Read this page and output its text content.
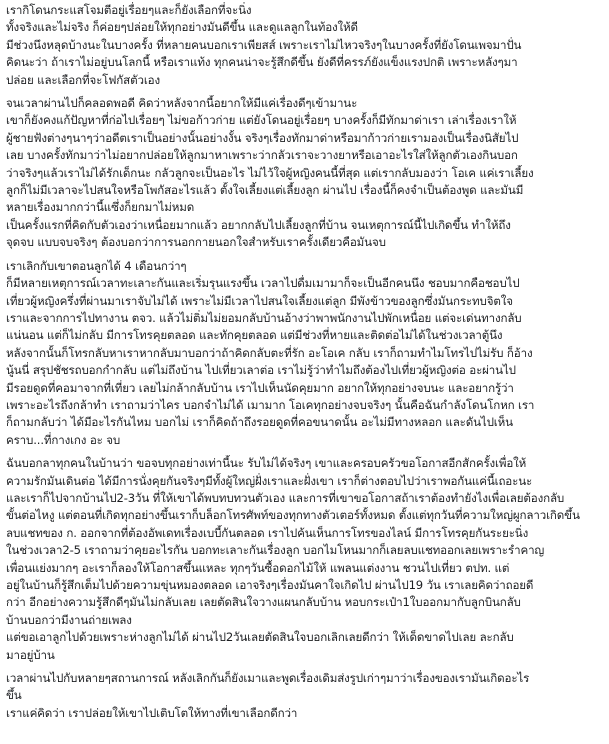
เรากิโดนกระแสโจมตีอยู่เรื่อยๆและก็ยังเลือกที่จะนิ่ง
ทั้งจริงและไม่จริง ก็ค่อยๆปล่อยให้ทุกอย่างมันดีขึ้น และดูแลลูกในท้องให้ดี
มีช่วงนึงหลุดบ้างนะในบางครั้ง ที่หลายคนบอกเราเพียสส์ เพราะเราไม่ไหวจริงๆในบางครั้งที่ยังโดนเพจมาปั่น
คิดนะว่า ถ้าเราไม่อยู่บนโลกนี้ หรือเราแท้ง ทุกคนน่าจะรู้สึกดีขึ้น ยังดีที่ครรภ์ยังแข็งแรงปกติ เพราะหลังๆมา
ปล่อย และเลือกที่จะโฟกัสตัวเอง
จนเวลาผ่านไปก็คลอดพอดี คิดว่าหลังจากนี้อยากให้มีแค่เรื่องดีๆเข้ามานะ
เขาก็ยังคงแก้ปัญหาที่ก่อไปเรื่อยๆ ไม่ขอก้าวก่าย แต่ยังโดนอยู่เรื่อยๆ บางครั้งก็มีทักมาด่าเรา เล่าเรื่องเราให้
ผู้ชายฟังต่างๆนาๆว่าอดีตเราเป็นอย่างนั้นอย่างงั้น จริงๆเรื่องทักมาด่าหรือมาก้าวก่ายเรามองเป็นเรื่องนิสัยไป
เลย บางครั้งทักมาว่าไม่อยากปล่อยให้ลูกมาหาเพราะว่ากลัวเราจะวางยาหรือเอาอะไรใส่ให้ลูกตัวเองกินบอก
ว่าจริงๆแล้วเราไม่ได้รักเด็กนะ กลัวลูกจะเป็นอะไร ไม่ไว้ใจผู้หญิงคนนี้ที่สุด แต่เรากลับมองว่า โอเค แค่เราเลี้ยง
ลูกก็ไม่มีเวลาจะไปสนใจหรือโพกัสอะไรแล้ว ตั้งใจเลี้ยงแต่เลี้ยงลูก ผ่านไป เรื่องนี้ก็คงจำเป็นต้องพูด และมันมี
หลายเรื่องมากกว่านี้แซึ่งก็ยกมาไม่หมด
เป็นครั้งแรกที่คิดกับตัวเองว่าเหนื่อยมากแล้ว อยากกลับไปเลี้ยงลูกที่บ้าน จนเหตุการณ์นี้ไปเกิดขึ้น ทำให้ถึง
จุดจบ แบบจบจริงๆ ต้องบอกว่าการนอกกายนอกใจสำหรับเราครั้งเดียวคือมันจบ
เราเลิกกับเขาตอนลูกได้ 4 เดือนกว่าๆ
ก็มีหลายเหตุการณ์เวลาทะเลาะกันและเริ่มรุนแรงขึ้น เวลาไปดื่มเมามาก็จะเป็นอีกคนนึง ชอบมากคือชอบไป
เที่ยวผู้หญิงครึ่งที่ผ่านมาเราจับไม่ได้ เพราะไม่มีเวลาไปสนใจเลี้ยงแต่ลูก มีพังข้าวของลูกซึ่งมันกระทบจิตใจ
เราและจากการไปทางาน ตจว. แล้วไม่ติ่มไม่ยอมกลับบ้านอ้างว่าพาพนักงานไปพักเหนื่อย แต่จะเด่นทางกลับ
แน่นอน แต่ก็ไม่กลับ มีการโทรคุยตลอด และทักคุยตลอด แต่มีช่วงที่หายและติดต่อไม่ได้ในช่วงเวลาตู้นึง
หลังจากนั้นก็โทรกลับหาเราหากลับมาบอกว่าถ้าคิดกลับตะที่รัก อะโอเค กลับ เราก็ถามทำไมโทรไปไม่รับ ก็อ้าง
นู้นนี่ สรุปชัชรถบอกกำกลับ แต่ไม่ถึงบ้าน ไปเที่ยวเลาต่อ เราไม่รู้ว่าทำไมถึงต้องไปเที่ยวผู้หญิงต่อ อะผ่านไป
มีรอยดูดที่คอมาจากที่เที่ยว เลยไม่กล้ากลับบ้าน เราไปเห็นนัดคุยมาก อยากให้ทุกอย่างจบนะ และอยากรู้ว่า
เพราะอะไรถึงกล้าทำ เราถามว่าไคร บอกจำไม่ได้ เมามาก โอเคทุกอย่างจบจริงๆ นั้นคือฉันกำลังโดนโกหก เรา
ก็ถามกลับว่า ได้มีอะไรกันไหม บอกไม่ เราก็คิดถ้าถึงรอยดูดที่คอขนาดนั้น อะไม่มีทางหลอก และดันไปเห็น
คราบ...ที่กางเกง อะ จบ
ฉันบอกลาทุกคนในบ้านว่า ขอจบทุกอย่างเท่านี้นะ รับไม่ได้จริงๆ เขาและครอบครัวขอโอกาสอีกสักครั้งเพื่อให้
ความรักมันเดินต่อ ได้มีการนั่งคุยกันจริงๆมีทั้งผู้ใหญ่ฝั่งเราและฝั่งเขา เราก็ต่างตอบไปว่าเราพอกันแค่นี้เถอะนะ
และเราก็ไปจากบ้านไป2-3วัน ที่ให้เขาได้พบทบทวนตัวเอง และการที่เขาขอโอกาสถ้าเราต้องทำยังไงเพื่อเลยต้องกลับ
ขั้นต่อไหงู แต่ตอนที่เกิดทุกอย่างขึ้นเราก็บล็อกโทรศัพท์ของทุกทางตัวเตอร์ทั้งหมด ตั้งแต่ทุกวันที่ความใหญ่ผูกลาวเกิดขึ้น
ลบแชทของ ก. ออกจากที่ต้องอัพเดทเรื่องเบบี้กันตลอด เราไปค้นเห็นการโทรของไลน์ มีการโทรคุยกันระยะนิ่ง
ในช่วงเวลา2-5 เราถามว่าคุยอะไรกัน บอกทะเลาะกันเรื่องลูก บอกไมโหนมากก็เลยลบแชทออกเลยเพราะรำคาญ
เพื่อนแย่งมากๆ อะเราก็ลองให้โอกาสขึ้นแหละ ทุกๆวันซื้อดอกไม้ให้ แพลนแต่งงาน ชวนไปเที่ยว ตปท. แต่
อยู่ในบ้านก็รู้สึกเต็มไปด้วยความขุ่นหมองตลอด เอาจริงๆเรื่องมันคาใจเกิดไป ผ่านไป19 วัน เราเลยคิดว่าถอยดี
กว่า อีกอย่างความรู้สึกดีๆมันไม่กลับเลย เลยตัดสินใจวางแผนกลับบ้าน หอบกระเป๋า1ใบออกมากับลูกบินกลับ
บ้านบอกว่ามีงานถ่ายเพลง
แต่ขอเอาลูกไปด้วยเพราะห่างลูกไม่ได้ ผ่านไป2วันเลยตัดสินใจบอกเลิกเลยดีกว่า ให้เด็ดขาดไปเลย ละกลับ
มาอยู่บ้าน
เวลาผ่านไปกับหลายๆสถานการณ์ หลังเลิกกันก็ยังเมาและพูดเรื่องเดิมส่งรูปเก่าๆมาว่าเรื่องของเรามันเกิดอะไร
ขึ้น
เราแค่คิดว่า เราปล่อยให้เขาไปเติบโตให้ทางที่เขาเลือกดีกว่า
